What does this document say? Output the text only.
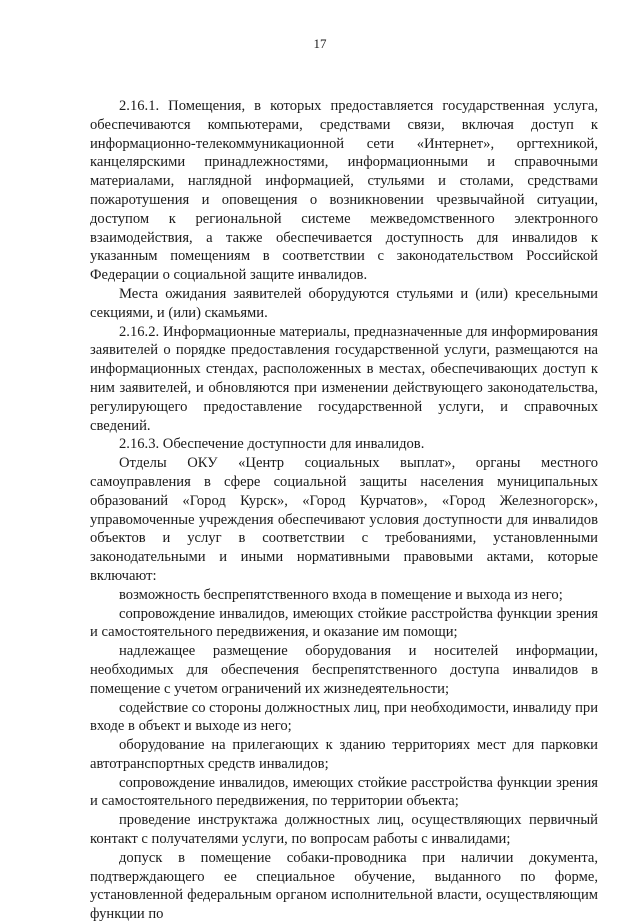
17

2.16.1. Помещения, в которых предоставляется государственная услуга, обеспечиваются компьютерами, средствами связи, включая доступ к информационно-телекоммуникационной сети «Интернет», оргтехникой, канцелярскими принадлежностями, информационными и справочными материалами, наглядной информацией, стульями и столами, средствами пожаротушения и оповещения о возникновении чрезвычайной ситуации, доступом к региональной системе межведомственного электронного взаимодействия, а также обеспечивается доступность для инвалидов к указанным помещениям в соответствии с законодательством Российской Федерации о социальной защите инвалидов.

Места ожидания заявителей оборудуются стульями и (или) кресельными секциями, и (или) скамьями.

2.16.2. Информационные материалы, предназначенные для информирования заявителей о порядке предоставления государственной услуги, размещаются на информационных стендах, расположенных в местах, обеспечивающих доступ к ним заявителей, и обновляются при изменении действующего законодательства, регулирующего предоставление государственной услуги, и справочных сведений.

2.16.3. Обеспечение доступности для инвалидов.

Отделы ОКУ «Центр социальных выплат», органы местного самоуправления в сфере социальной защиты населения муниципальных образований «Город Курск», «Город Курчатов», «Город Железногорск», управомоченные учреждения обеспечивают условия доступности для инвалидов объектов и услуг в соответствии с требованиями, установленными законодательными и иными нормативными правовыми актами, которые включают:

возможность беспрепятственного входа в помещение и выхода из него;

сопровождение инвалидов, имеющих стойкие расстройства функции зрения и самостоятельного передвижения, и оказание им помощи;

надлежащее размещение оборудования и носителей информации, необходимых для обеспечения беспрепятственного доступа инвалидов в помещение с учетом ограничений их жизнедеятельности;

содействие со стороны должностных лиц, при необходимости, инвалиду при входе в объект и выходе из него;

оборудование на прилегающих к зданию территориях мест для парковки автотранспортных средств инвалидов;

сопровождение инвалидов, имеющих стойкие расстройства функции зрения и самостоятельного передвижения, по территории объекта;

проведение инструктажа должностных лиц, осуществляющих первичный контакт с получателями услуги, по вопросам работы с инвалидами;

допуск в помещение собаки-проводника при наличии документа, подтверждающего ее специальное обучение, выданного по форме, установленной федеральным органом исполнительной власти, осуществляющим функции по
